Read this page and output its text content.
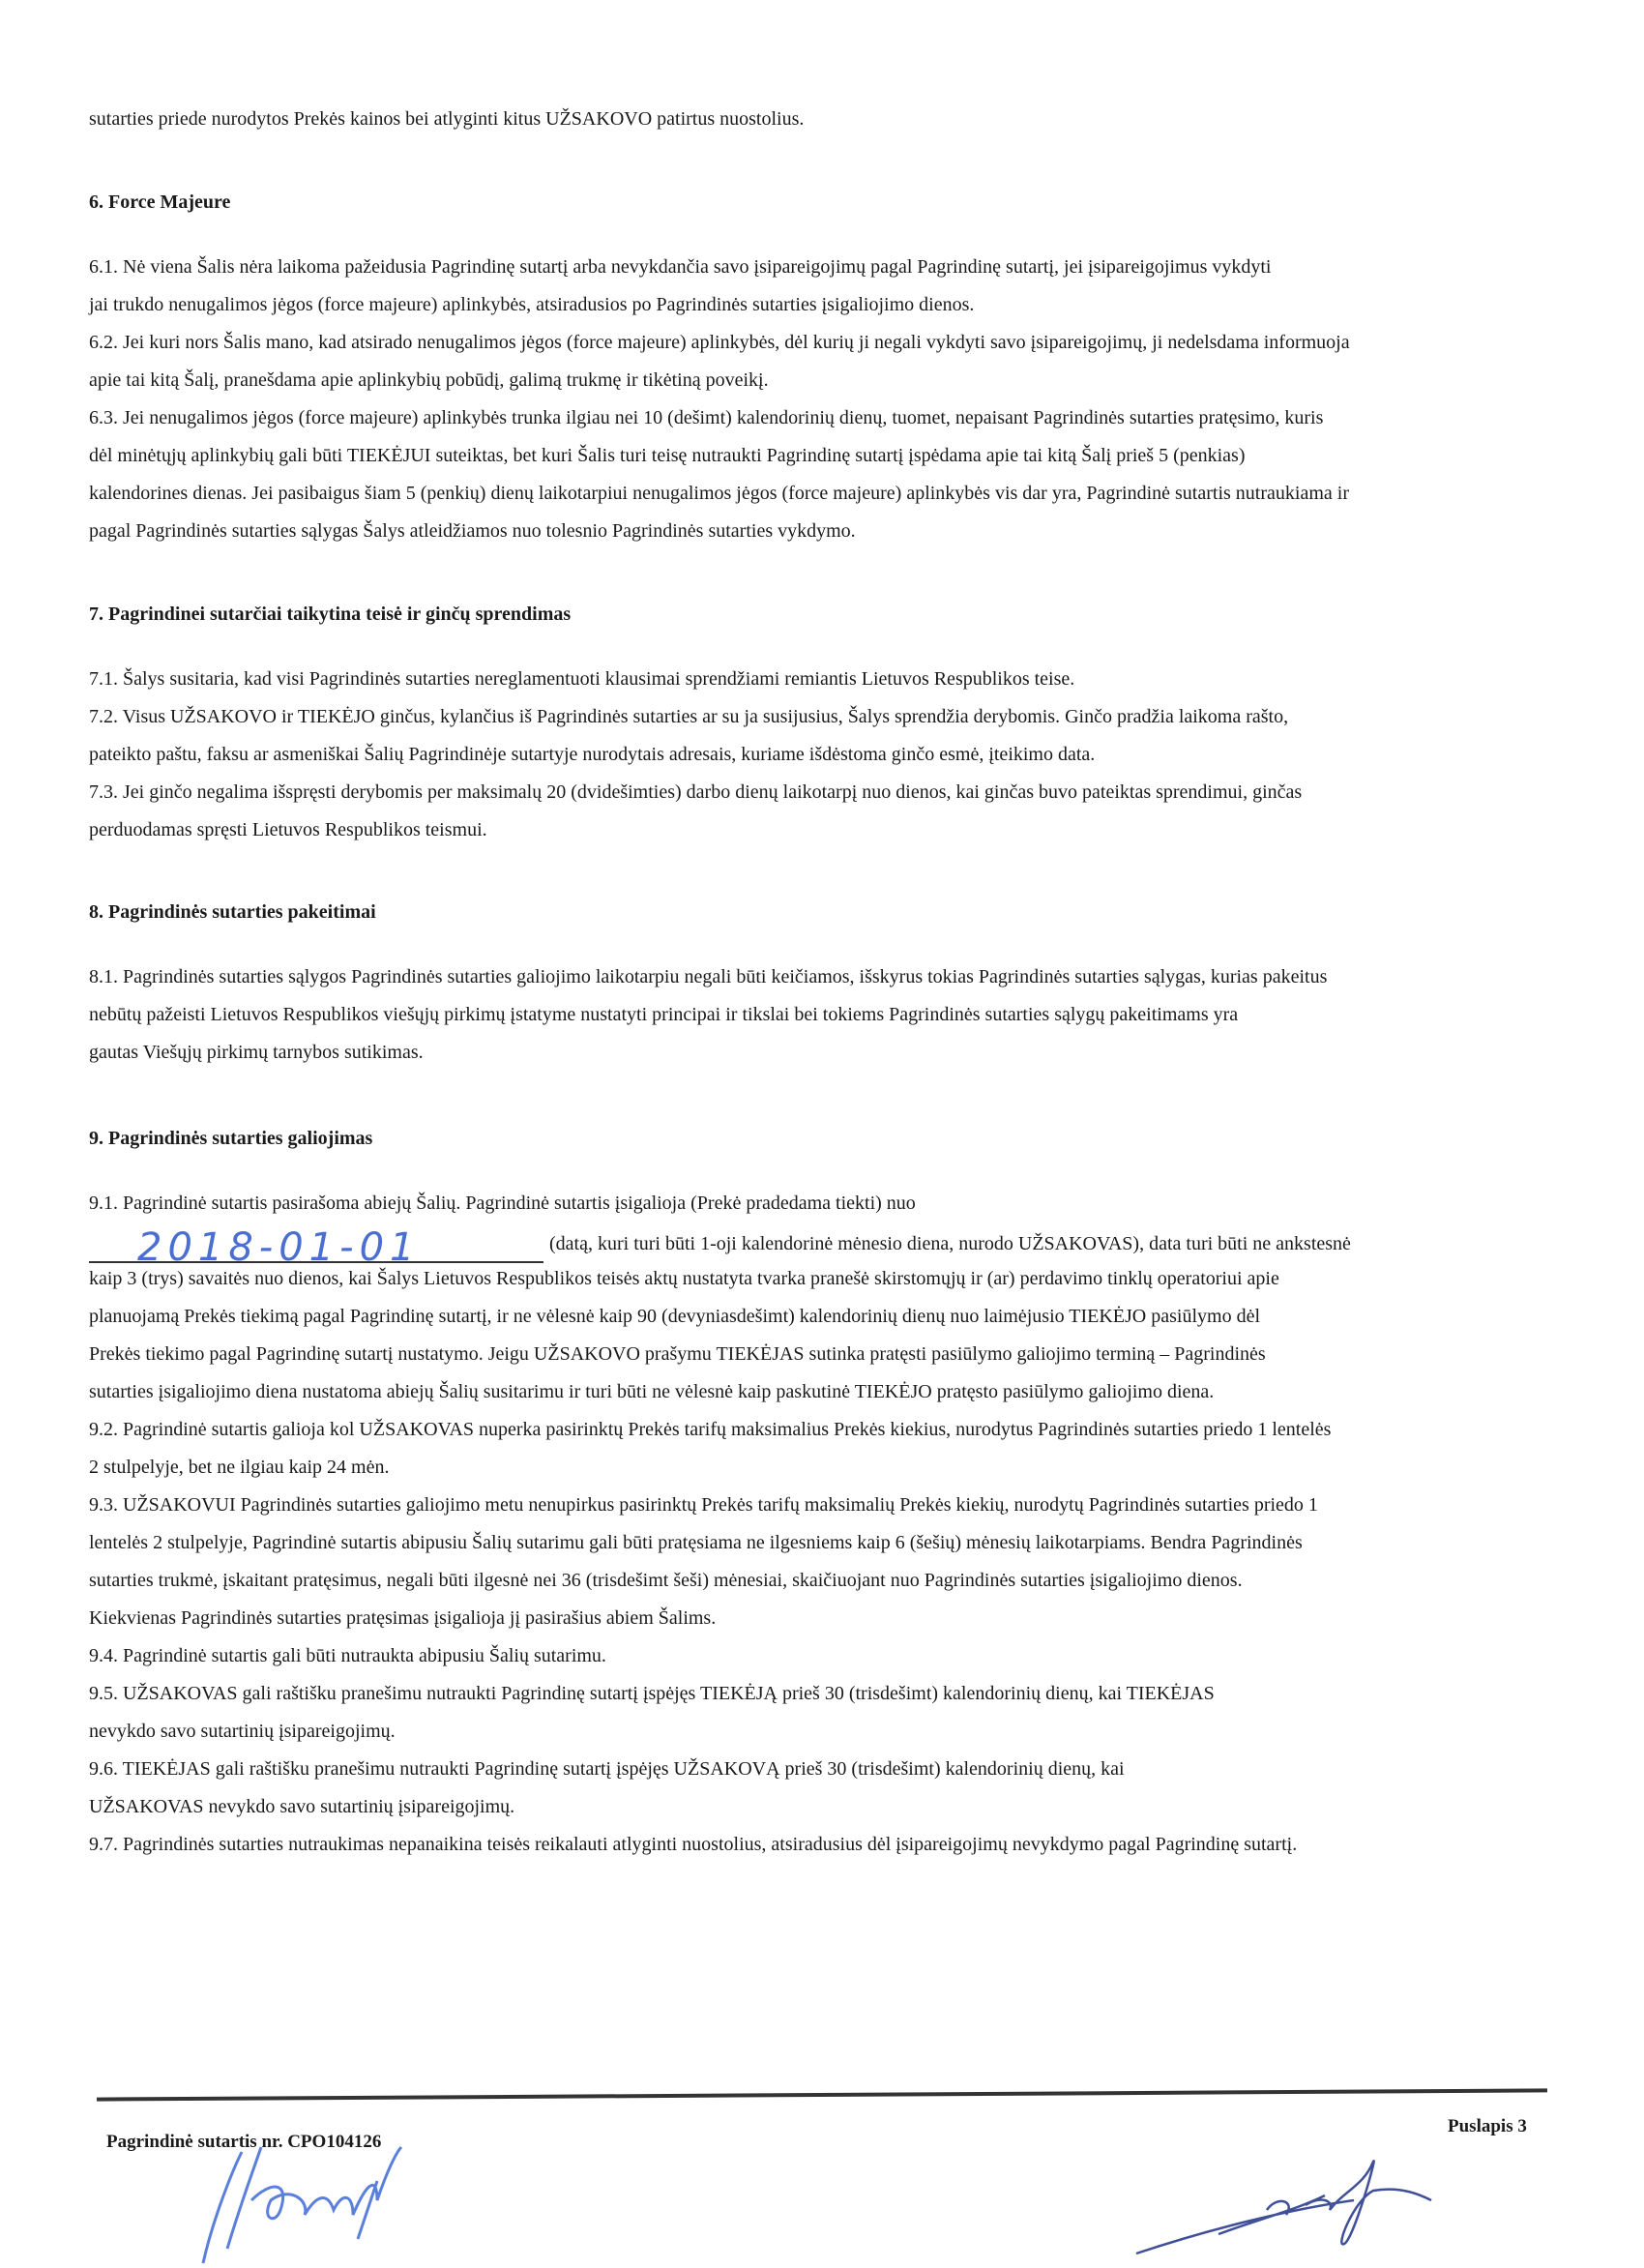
sutarties priede nurodytos Prekės kainos bei atlyginti kitus UŽSAKOVO patirtus nuostolius.
6. Force Majeure
6.1. Nė viena Šalis nėra laikoma pažeidusia Pagrindinę sutartį arba nevykdančia savo įsipareigojimų pagal Pagrindinę sutartį, jei įsipareigojimus vykdyti
jai trukdo nenugalimos jėgos (force majeure) aplinkybės, atsiradusios po Pagrindinės sutarties įsigaliojimo dienos.
6.2. Jei kuri nors Šalis mano, kad atsirado nenugalimos jėgos (force majeure) aplinkybės, dėl kurių ji negali vykdyti savo įsipareigojimų, ji nedelsdama informuoja
apie tai kitą Šalį, pranešdama apie aplinkybių pobūdį, galimą trukmę ir tikėtiną poveikį.
6.3. Jei nenugalimos jėgos (force majeure) aplinkybės trunka ilgiau nei 10 (dešimt) kalendorinių dienų, tuomet, nepaisant Pagrindinės sutarties pratęsimo, kuris
dėl minėtųjų aplinkybių gali būti TIEKĖJUI suteiktas, bet kuri Šalis turi teisę nutraukti Pagrindinę sutartį įspėdama apie tai kitą Šalį prieš 5 (penkias)
kalendorines dienas. Jei pasibaigus šiam 5 (penkių) dienų laikotarpiui nenugalimos jėgos (force majeure) aplinkybės vis dar yra, Pagrindinė sutartis nutraukiama ir
pagal Pagrindinės sutarties sąlygas Šalys atleidžiamos nuo tolesnio Pagrindinės sutarties vykdymo.
7. Pagrindinei sutarčiai taikytina teisė ir ginčų sprendimas
7.1. Šalys susitaria, kad visi Pagrindinės sutarties nereglamentuoti klausimai sprendžiami remiantis Lietuvos Respublikos teise.
7.2. Visus UŽSAKOVO ir TIEKĖJO ginčus, kylančius iš Pagrindinės sutarties ar su ja susijusius, Šalys sprendžia derybomis. Ginčo pradžia laikoma rašto,
pateikto paštu, faksu ar asmeniškai Šalių Pagrindinėje sutartyje nurodytais adresais, kuriame išdėstoma ginčo esmė, įteikimo data.
7.3. Jei ginčo negalima išspręsti derybomis per maksimalų 20 (dvidešimties) darbo dienų laikotarpį nuo dienos, kai ginčas buvo pateiktas sprendimui, ginčas
perduodamas spręsti Lietuvos Respublikos teismui.
8. Pagrindinės sutarties pakeitimai
8.1. Pagrindinės sutarties sąlygos Pagrindinės sutarties galiojimo laikotarpiu negali būti keičiamos, išskyrus tokias Pagrindinės sutarties sąlygas, kurias pakeitus
nebūtų pažeisti Lietuvos Respublikos viešųjų pirkimų įstatyme nustatyti principai ir tikslai bei tokiems Pagrindinės sutarties sąlygų pakeitimams yra
gautas Viešųjų pirkimų tarnybos sutikimas.
9. Pagrindinės sutarties galiojimas
9.1. Pagrindinė sutartis pasirašoma abiejų Šalių. Pagrindinė sutartis įsigalioja (Prekė pradedama tiekti) nuo
2018-01-01	(datą, kuri turi būti 1-oji kalendorinė mėnesio diena, nurodo UŽSAKOVAS), data turi būti ne ankstesnė
kaip 3 (trys) savaitės nuo dienos, kai Šalys Lietuvos Respublikos teisės aktų nustatyta tvarka pranešė skirstomųjų ir (ar) perdavimo tinklų operatoriui apie
planuojamą Prekės tiekimą pagal Pagrindinę sutartį, ir ne vėlesnė kaip 90 (devyniasdešimt) kalendorinių dienų nuo laimėjusio TIEKĖJO pasiūlymo dėl
Prekės tiekimo pagal Pagrindinę sutartį nustatymo. Jeigu UŽSAKOVO prašymu TIEKĖJAS sutinka pratęsti pasiūlymo galiojimo terminą – Pagrindinės
sutarties įsigaliojimo diena nustatoma abiejų Šalių susitarimu ir turi būti ne vėlesnė kaip paskutinė TIEKĖJO pratęsto pasiūlymo galiojimo diena.
9.2. Pagrindinė sutartis galioja kol UŽSAKOVAS nuperka pasirinktų Prekės tarifų maksimalius Prekės kiekius, nurodytus Pagrindinės sutarties priedo 1 lentelės
2 stulpelyje, bet ne ilgiau kaip 24 mėn.
9.3. UŽSAKOVUI Pagrindinės sutarties galiojimo metu nenupirkus pasirinktų Prekės tarifų maksimalių Prekės kiekių, nurodytų Pagrindinės sutarties priedo 1
lentelės 2 stulpelyje, Pagrindinė sutartis abipusiu Šalių sutarimu gali būti pratęsiama ne ilgesniems kaip 6 (šešių) mėnesių laikotarpiams. Bendra Pagrindinės
sutarties trukmė, įskaitant pratęsimus, negali būti ilgesnė nei 36 (trisdešimt šeši) mėnesiai, skaičiuojant nuo Pagrindinės sutarties įsigaliojimo dienos.
Kiekvienas Pagrindinės sutarties pratęsimas įsigalioja jį pasirašius abiem Šalims.
9.4. Pagrindinė sutartis gali būti nutraukta abipusiu Šalių sutarimu.
9.5. UŽSAKOVAS gali raštišku pranešimu nutraukti Pagrindinę sutartį įspėjęs TIEKĖJĄ prieš 30 (trisdešimt) kalendorinių dienų, kai TIEKĖJAS
nevykdo savo sutartinių įsipareigojimų.
9.6. TIEKĖJAS gali raštišku pranešimu nutraukti Pagrindinę sutartį įspėjęs UŽSAKOVĄ prieš 30 (trisdešimt) kalendorinių dienų, kai
UŽSAKOVAS nevykdo savo sutartinių įsipareigojimų.
9.7. Pagrindinės sutarties nutraukimas nepanaikina teisės reikalauti atlyginti nuostolius, atsiradusius dėl įsipareigojimų nevykdymo pagal Pagrindinę sutartį.
Pagrindinė sutartis nr. CPO104126
Puslapis 3
